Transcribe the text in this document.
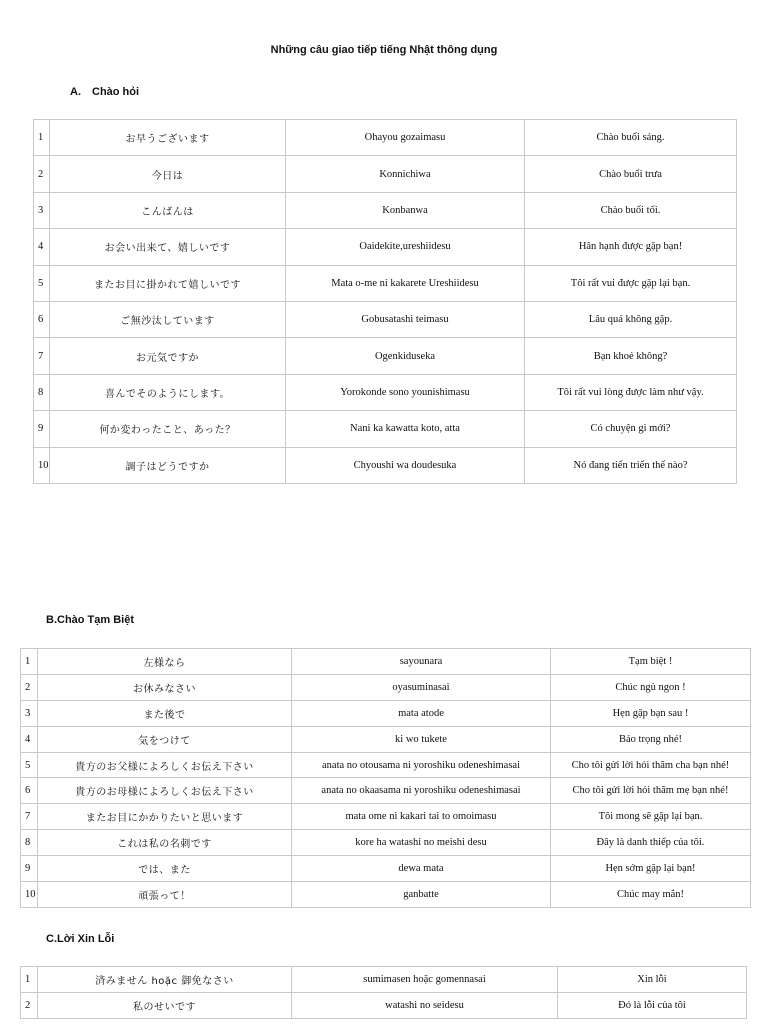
Những câu giao tiếp tiếng Nhật thông dụng
A. Chào hỏi
1	お早うございます	Ohayou gozaimasu	Chào buổi sáng.
2	今日は	Konnichiwa	Chào buổi trưa
3	こんばんは	Konbanwa	Chào buổi tối.
4	お会い出来て、嬉しいです	Oaidekite,ureshiidesu	Hân hạnh được gặp bạn!
5	またお目に掛かれて嬉しいです	Mata o-me ni kakarete Ureshiidesu	Tôi rất vui được gặp lại bạn.
6	ご無沙汰しています	Gobusatashi teimasu	Lâu quá không gặp.
7	お元気ですか	Ogenkiduseka	Bạn khoẻ không?
8	喜んでそのようにします。	Yorokonde sono younishimasu	Tôi rất vui lòng được làm như vậy.
9	何か変わったこと、あった？	Nani ka kawatta koto, atta	Có chuyện gì mới?
10	調子はどうですか	Chyoushi wa doudesuka	Nó đang tiến triển thế nào?
B.Chào Tạm Biệt
1	左様なら	sayounara	Tạm biệt !
2	お休みなさい	oyasuminasai	Chúc ngủ ngon !
3	また後で	mata atode	Hẹn gặp bạn sau !
4	気をつけて	ki wo tukete	Bảo trọng nhé!
5	貴方のお父様によろしくお伝え下さい	anata no otousama ni yoroshiku odeneshimasai	Cho tôi gửi lời hỏi thăm cha bạn nhé!
6	貴方のお母様によろしくお伝え下さい	anata no okaasama ni yoroshiku odeneshimasai	Cho tôi gửi lời hỏi thăm mẹ bạn nhé!
7	またお目にかかりたいと思います	mata ome ni kakari tai to omoimasu	Tôi mong sẽ gặp lại bạn.
8	これは私の名刺です	kore ha watashi no meishi desu	Đây là danh thiếp của tôi.
9	では、また	dewa mata	Hẹn sớm gặp lại bạn!
10	頑張って！	ganbatte	Chúc may mắn!
C.Lời Xin Lỗi
1	済みません hoặc 御免なさい	sumimasen hoặc gomennasai	Xin lỗi
2	私のせいです	watashi no seidesu	Đó là lỗi của tôi
